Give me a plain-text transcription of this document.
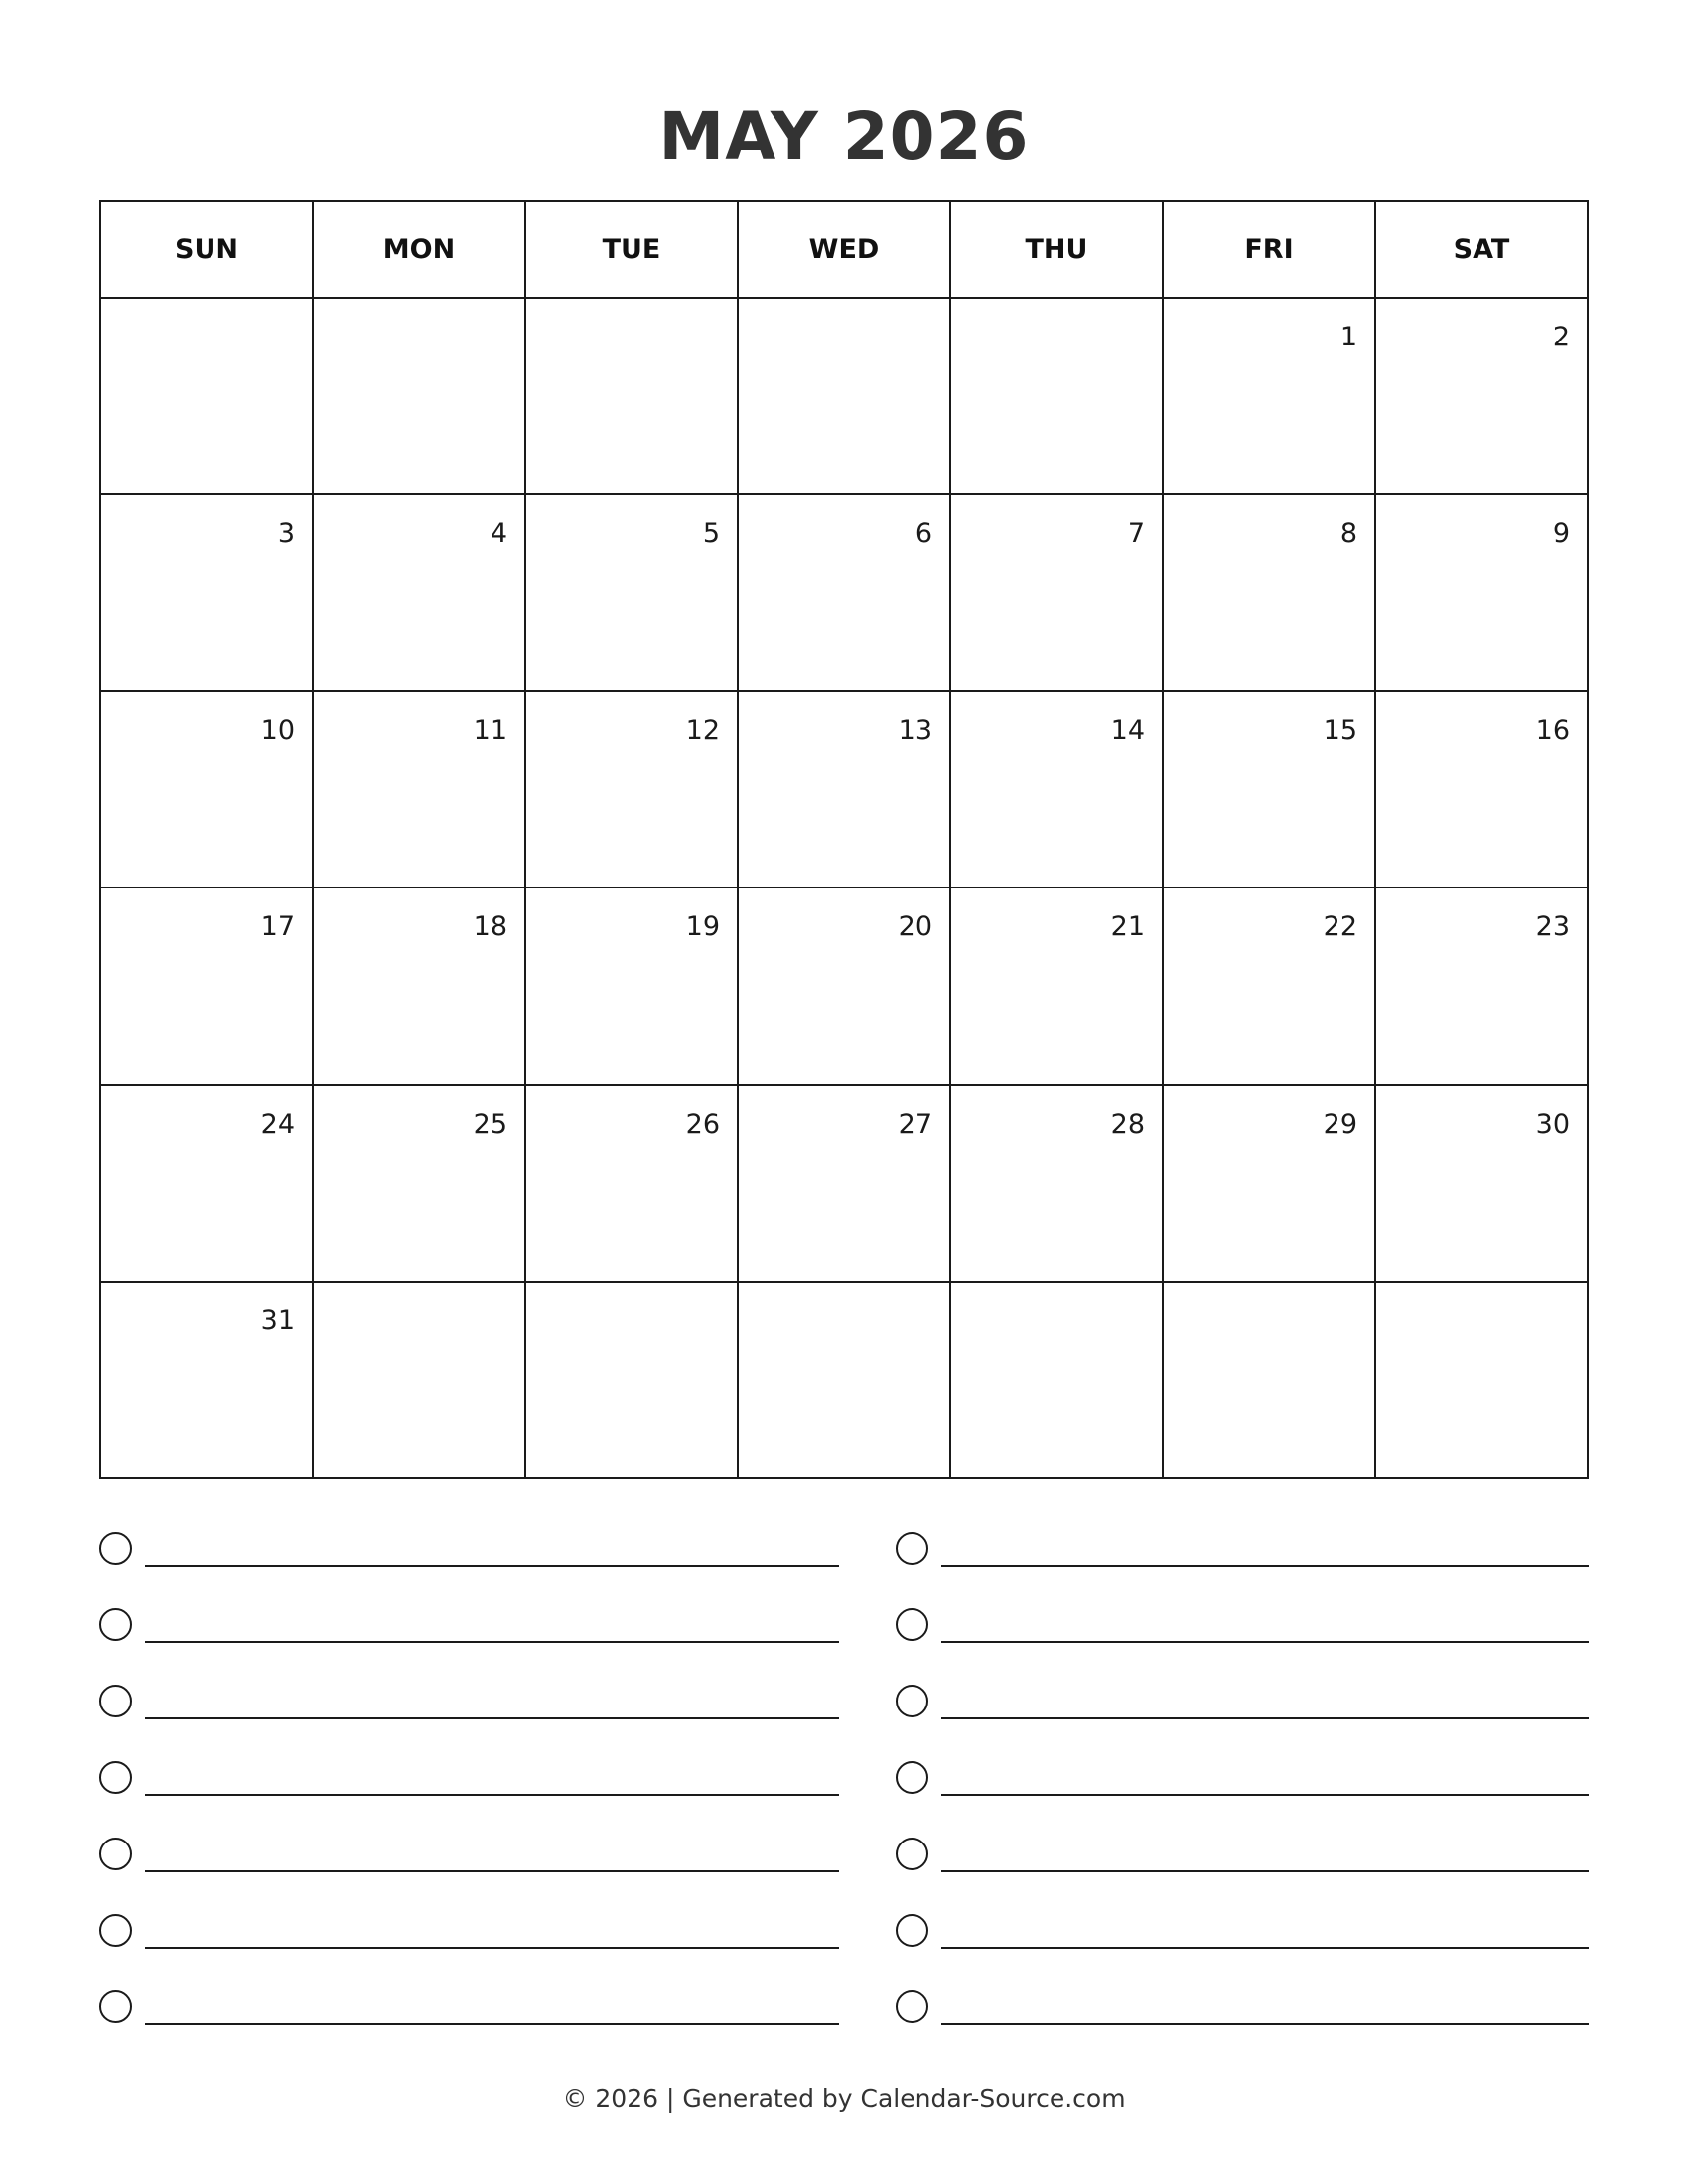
MAY 2026
SUN	MON	TUE	WED	THU	FRI	SAT

					1	2

3	4	5	6	7	8	9

10	11	12	13	14	15	16

17	18	19	20	21	22	23

24	25	26	27	28	29	30

31						

© 2026 | Generated by Calendar-Source.com
